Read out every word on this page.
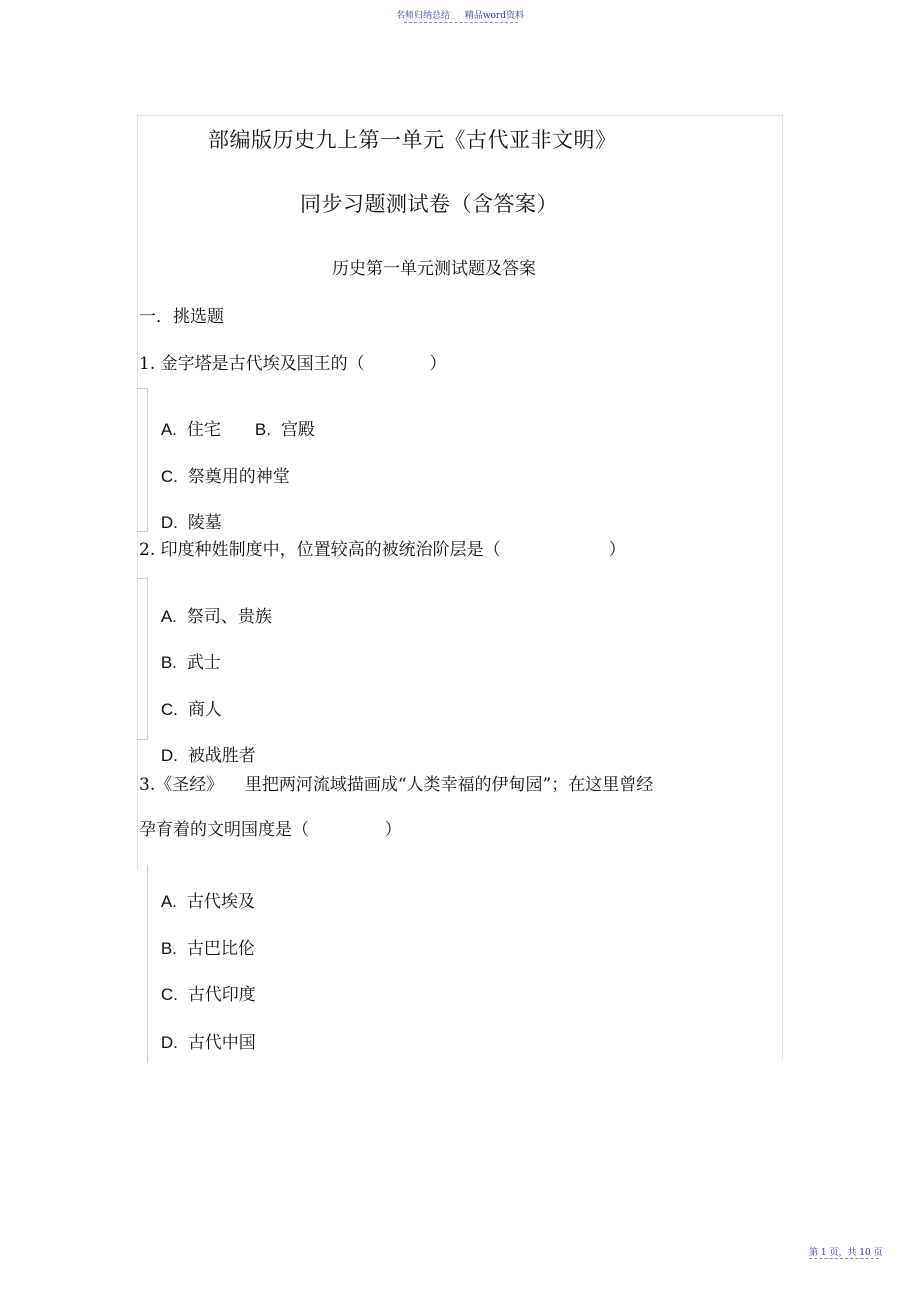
名师归纳总结 精品word资料
部编版历史九上第一单元《古代亚非文明》
同步习题测试卷（含答案）
历史第一单元测试题及答案
一．挑选题
1. 金字塔是古代埃及国王的（            ）

A. 住宅 B. 宫殿

C. 祭奠用的神堂

D. 陵墓

2. 印度种姓制度中，位置较高的被统治阶层是（                    ）

A. 祭司、贵族

B. 武士

C. 商人

D. 被战胜者

3.《圣经》    里把两河流域描画成“人类幸福的伊甸园”；在这里曾经
孕育着的文明国度是（              ）

A. 古代埃及

B. 古巴比伦

C. 古代印度

D. 古代中国

第 1 页，共 10 页
